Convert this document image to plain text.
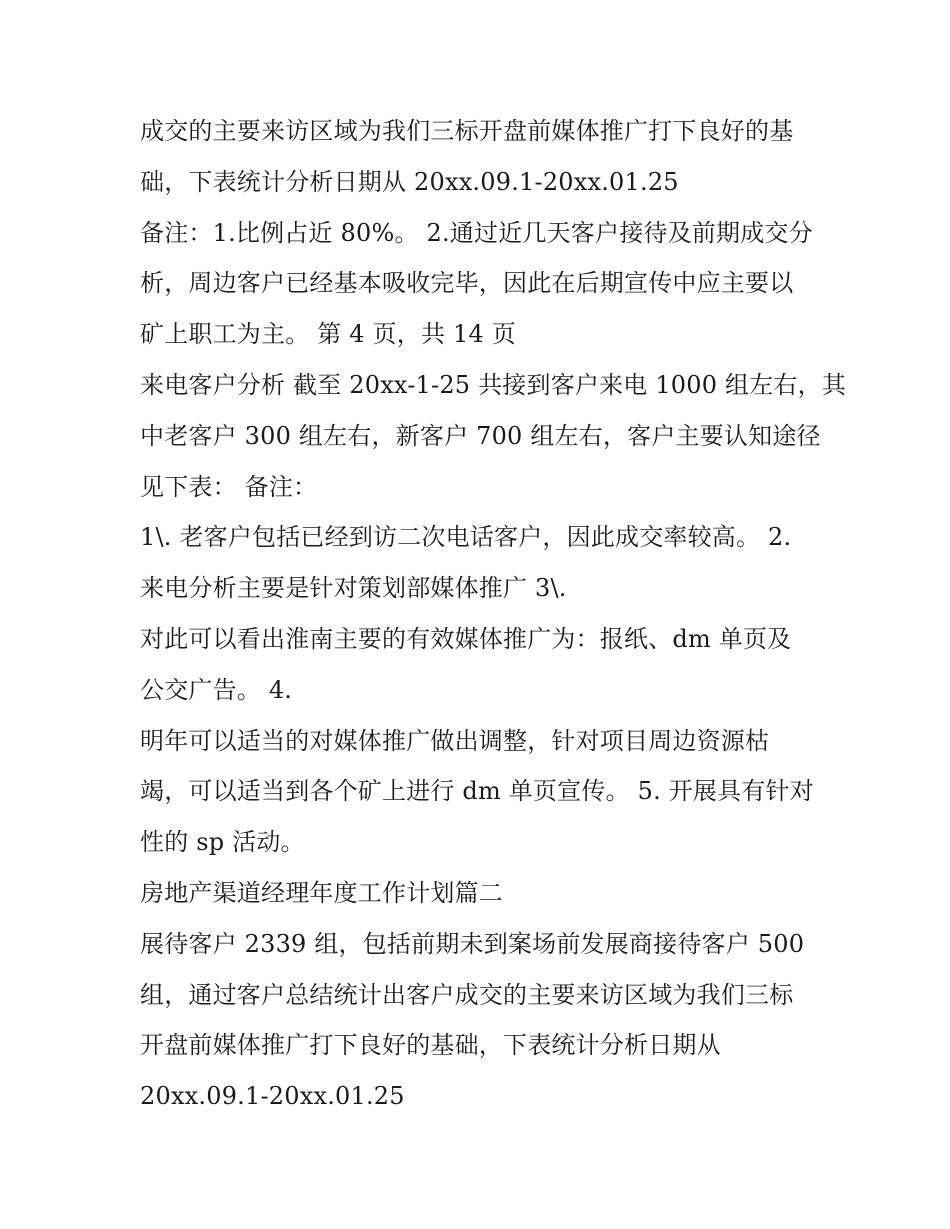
成交的主要来访区域为我们三标开盘前媒体推广打下良好的基
础，下表统计分析日期从 20xx.09.1-20xx.01.25
备注：1.比例占近 80%。 2.通过近几天客户接待及前期成交分
析，周边客户已经基本吸收完毕，因此在后期宣传中应主要以
矿上职工为主。 第 4 页，共 14 页
来电客户分析 截至 20xx-1-25 共接到客户来电 1000 组左右，其
中老客户 300 组左右，新客户 700 组左右，客户主要认知途径
见下表： 备注：
1\. 老客户包括已经到访二次电话客户，因此成交率较高。 2.
来电分析主要是针对策划部媒体推广 3\.
对此可以看出淮南主要的有效媒体推广为：报纸、dm 单页及
公交广告。 4.
明年可以适当的对媒体推广做出调整，针对项目周边资源枯
竭，可以适当到各个矿上进行 dm 单页宣传。 5. 开展具有针对
性的 sp 活动。
房地产渠道经理年度工作计划篇二
展待客户 2339 组，包括前期未到案场前发展商接待客户 500
组，通过客户总结统计出客户成交的主要来访区域为我们三标
开盘前媒体推广打下良好的基础，下表统计分析日期从
20xx.09.1-20xx.01.25
